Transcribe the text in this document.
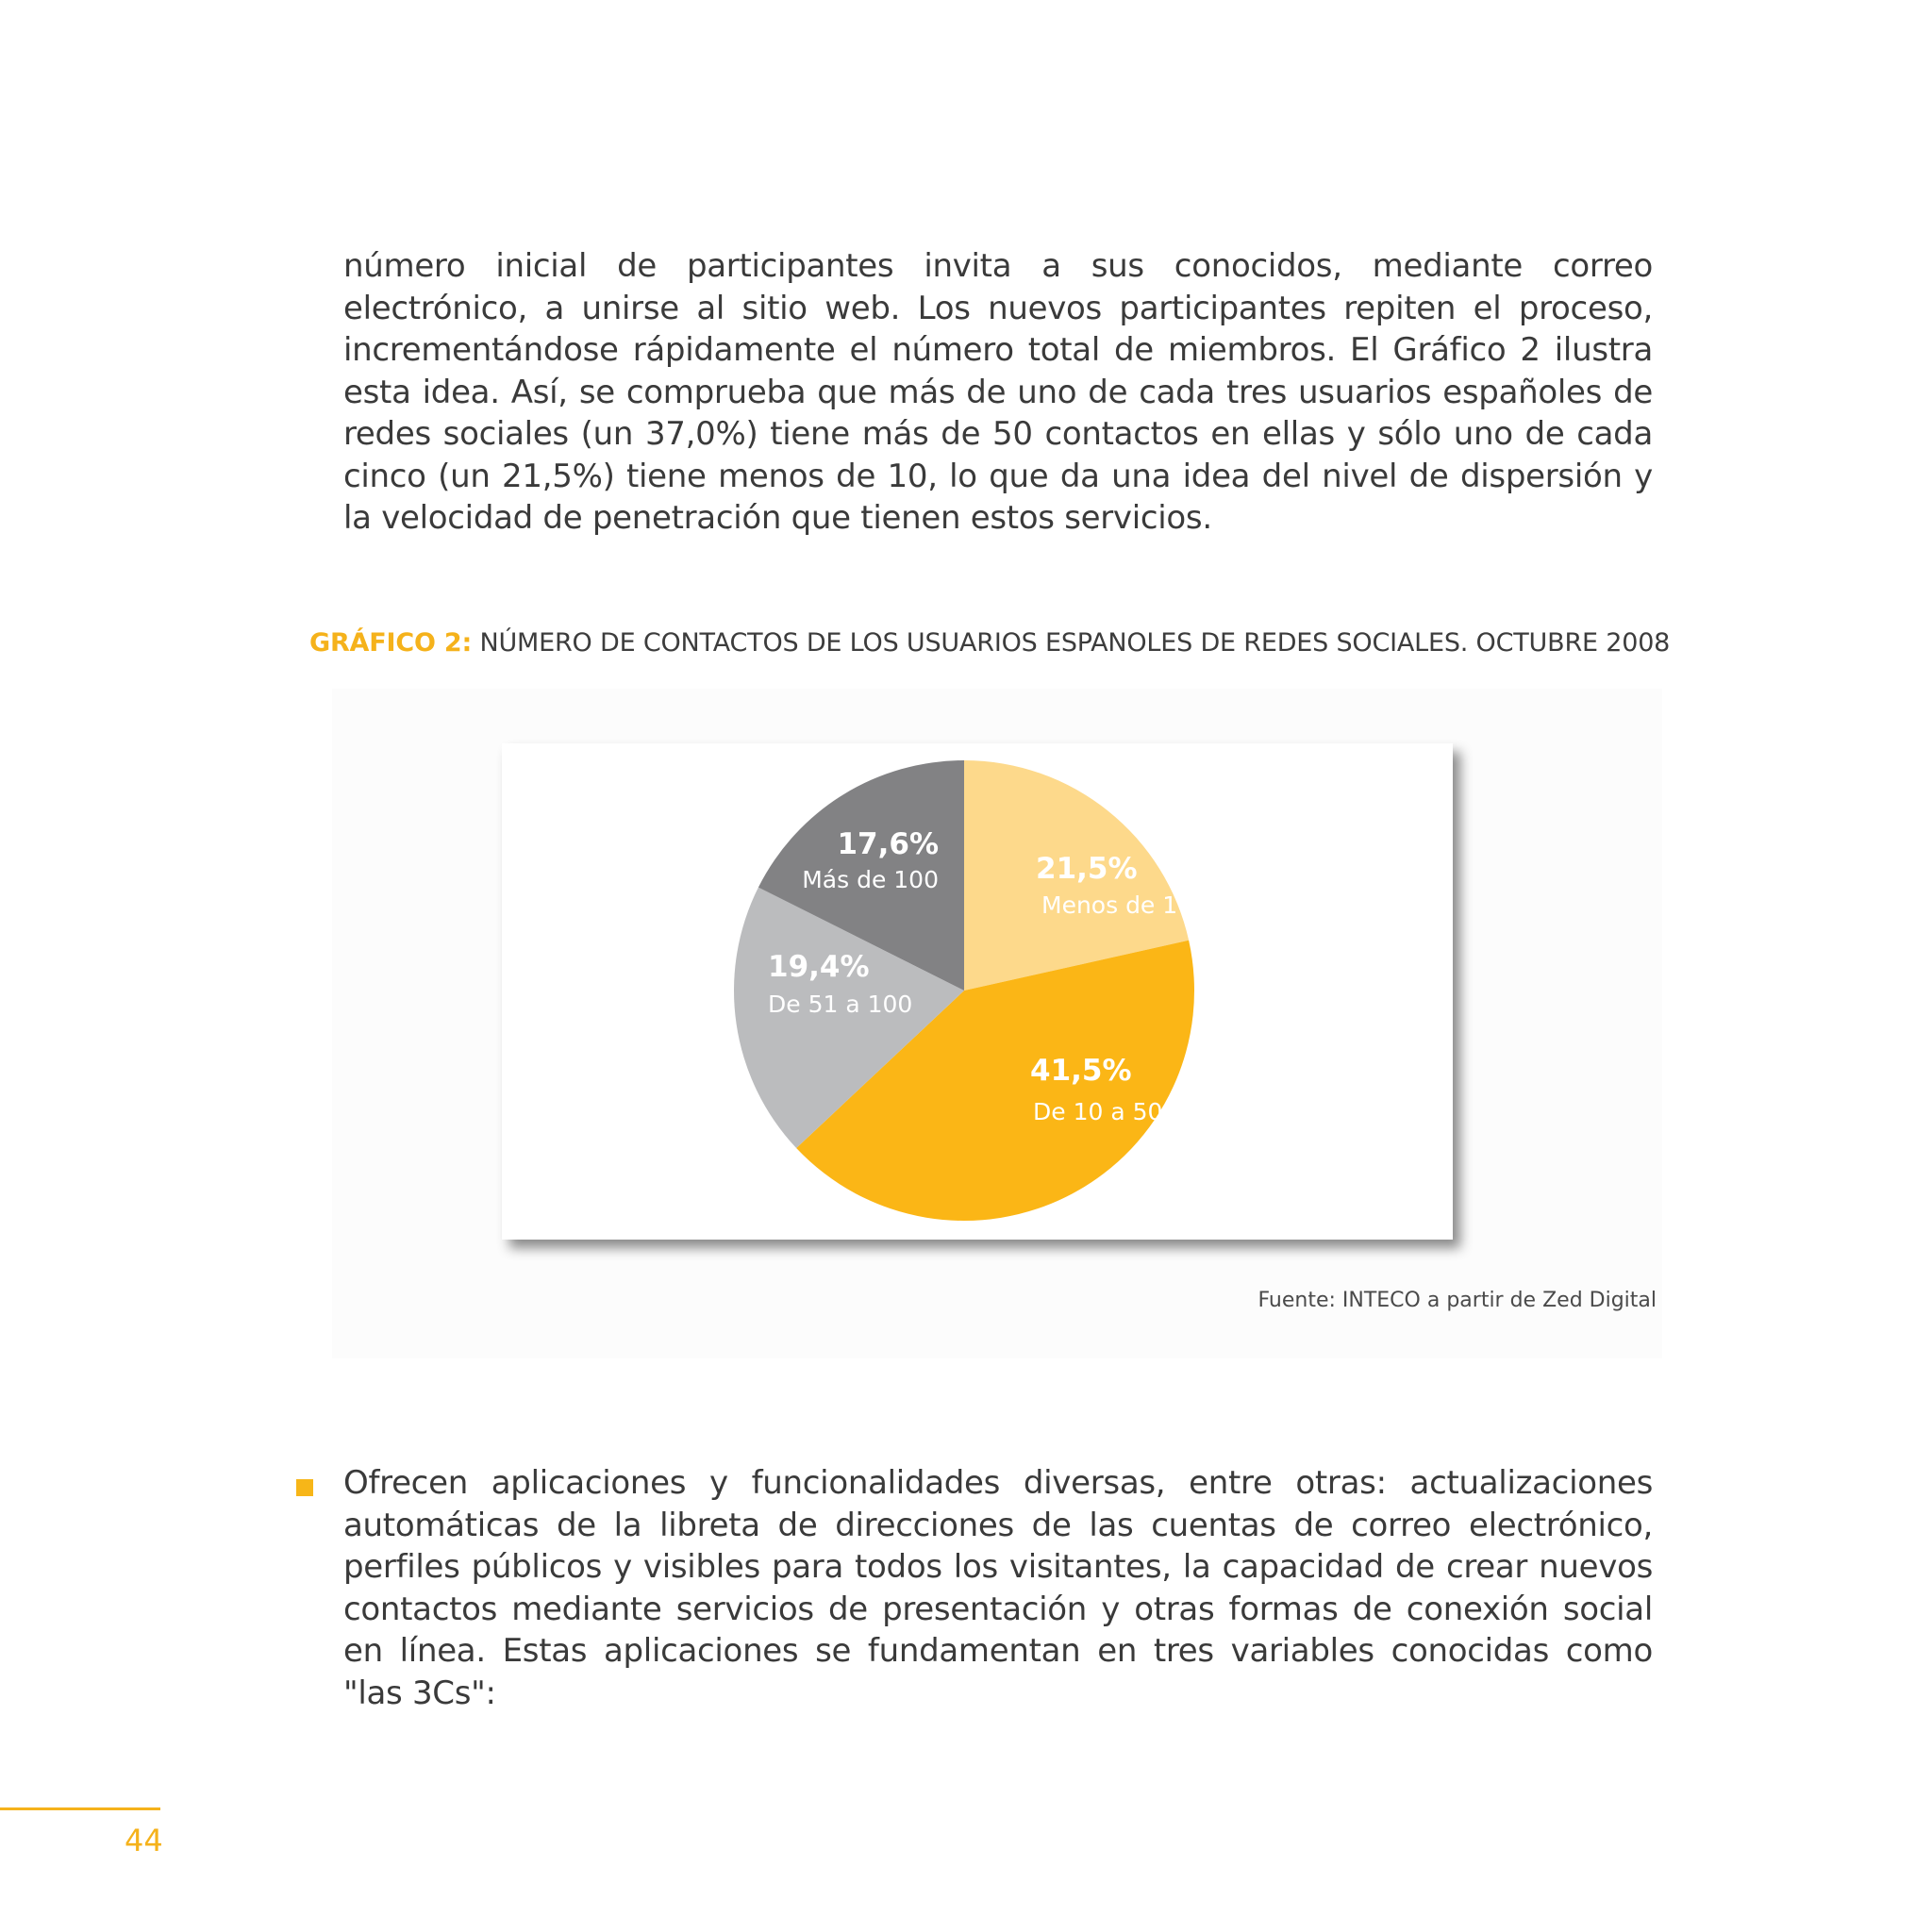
número inicial de participantes invita a sus conocidos, mediante correo electrónico, a unirse al sitio web. Los nuevos participantes repiten el proceso, incrementándose rápidamente el número total de miembros. El Gráfico 2 ilustra esta idea. Así, se comprueba que más de uno de cada tres usuarios españoles de redes sociales (un 37,0%) tiene más de 50 contactos en ellas y sólo uno de cada cinco (un 21,5%) tiene menos de 10, lo que da una idea del nivel de dispersión y la velocidad de penetración que tienen estos servicios.

GRÁFICO 2: NÚMERO DE CONTACTOS DE LOS USUARIOS ESPANOLES DE REDES SOCIALES. OCTUBRE 2008
21,5%
Menos de 10
41,5%
De 10 a 50
19,4%
De 51 a 100
17,6%
Más de 100
Fuente: INTECO a partir de Zed Digital

Ofrecen aplicaciones y funcionalidades diversas, entre otras: actualizaciones automáticas de la libreta de direcciones de las cuentas de correo electrónico, perfiles públicos y visibles para todos los visitantes, la capacidad de crear nuevos contactos mediante servicios de presentación y otras formas de conexión social en línea. Estas aplicaciones se fundamentan en tres variables conocidas como "las 3Cs":

44
